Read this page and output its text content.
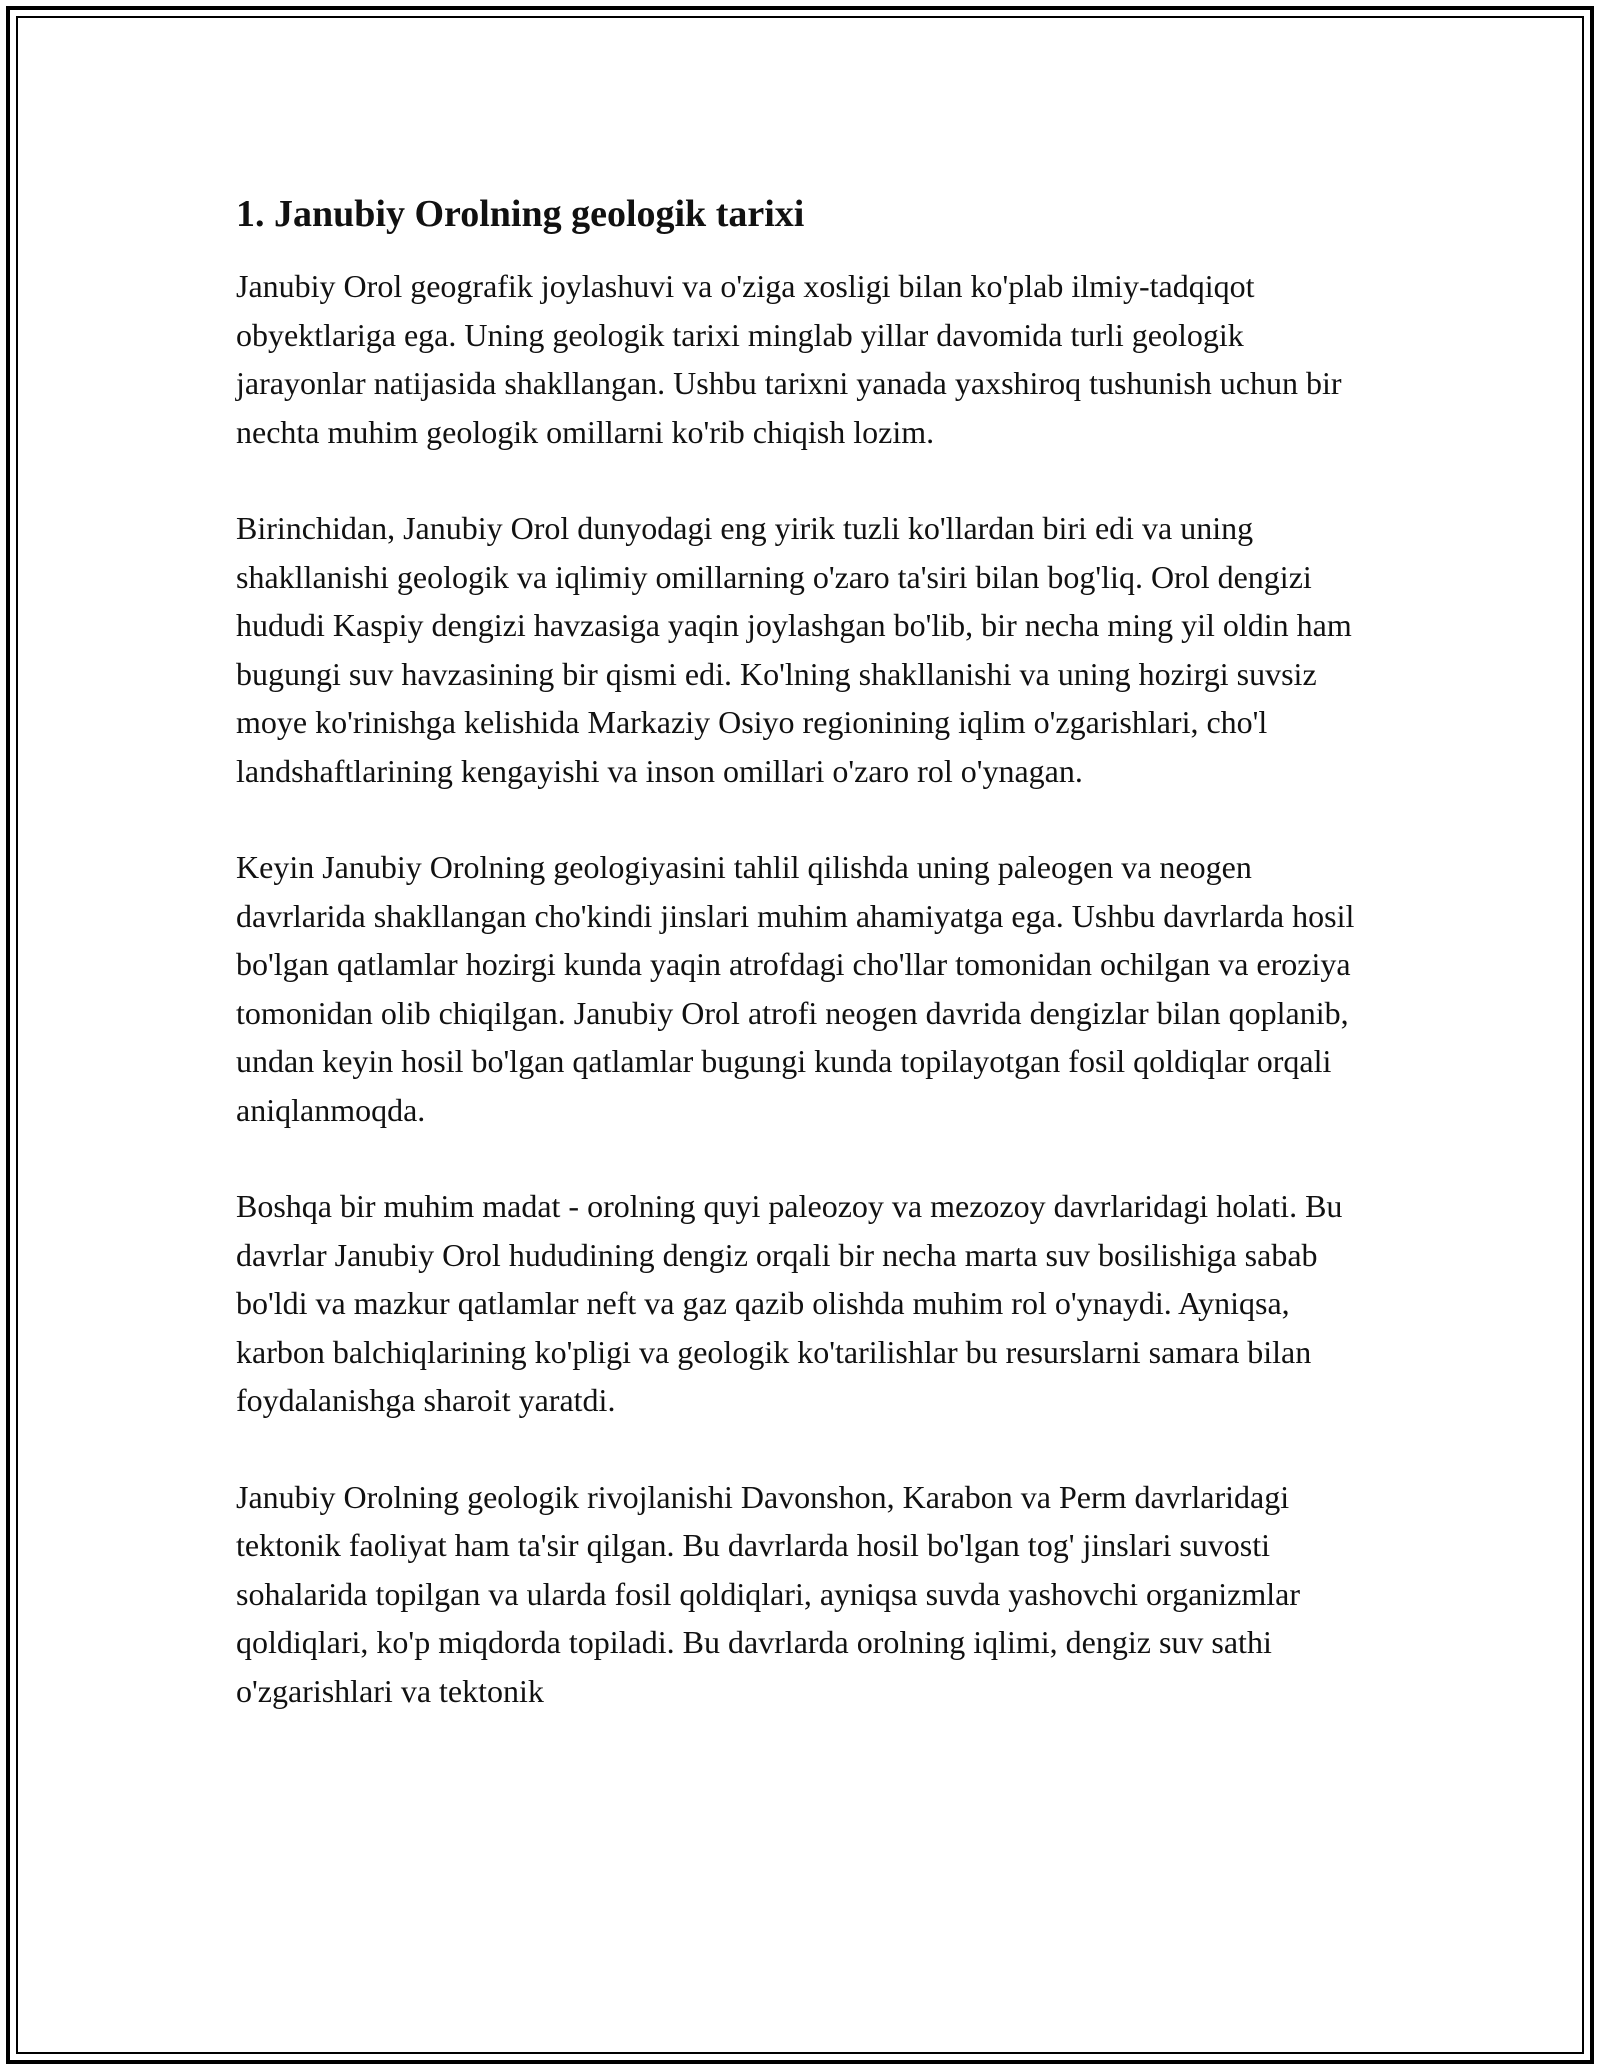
1. Janubiy Orolning geologik tarixi

Janubiy Orol geografik joylashuvi va o'ziga xosligi bilan ko'plab ilmiy-tadqiqot obyektlariga ega. Uning geologik tarixi minglab yillar davomida turli geologik jarayonlar natijasida shakllangan. Ushbu tarixni yanada yaxshiroq tushunish uchun bir nechta muhim geologik omillarni ko'rib chiqish lozim.

Birinchidan, Janubiy Orol dunyodagi eng yirik tuzli ko'llardan biri edi va uning shakllanishi geologik va iqlimiy omillarning o'zaro ta'siri bilan bog'liq. Orol dengizi hududi Kaspiy dengizi havzasiga yaqin joylashgan bo'lib, bir necha ming yil oldin ham bugungi suv havzasining bir qismi edi. Ko'lning shakllanishi va uning hozirgi suvsiz moye ko'rinishga kelishida Markaziy Osiyo regionining iqlim o'zgarishlari, cho'l landshaftlarining kengayishi va inson omillari o'zaro rol o'ynagan.

Keyin Janubiy Orolning geologiyasini tahlil qilishda uning paleogen va neogen davrlarida shakllangan cho'kindi jinslari muhim ahamiyatga ega. Ushbu davrlarda hosil bo'lgan qatlamlar hozirgi kunda yaqin atrofdagi cho'llar tomonidan ochilgan va eroziya tomonidan olib chiqilgan. Janubiy Orol atrofi neogen davrida dengizlar bilan qoplanib, undan keyin hosil bo'lgan qatlamlar bugungi kunda topilayotgan fosil qoldiqlar orqali aniqlanmoqda.

Boshqa bir muhim madat - orolning quyi paleozoy va mezozoy davrlaridagi holati. Bu davrlar Janubiy Orol hududining dengiz orqali bir necha marta suv bosilishiga sabab bo'ldi va mazkur qatlamlar neft va gaz qazib olishda muhim rol o'ynaydi. Ayniqsa, karbon balchiqlarining ko'pligi va geologik ko'tarilishlar bu resurslarni samara bilan foydalanishga sharoit yaratdi.

Janubiy Orolning geologik rivojlanishi Davonshon, Karabon va Perm davrlaridagi tektonik faoliyat ham ta'sir qilgan. Bu davrlarda hosil bo'lgan tog' jinslari suvosti sohalarida topilgan va ularda fosil qoldiqlari, ayniqsa suvda yashovchi organizmlar qoldiqlari, ko'p miqdorda topiladi. Bu davrlarda orolning iqlimi, dengiz suv sathi o'zgarishlari va tektonik
